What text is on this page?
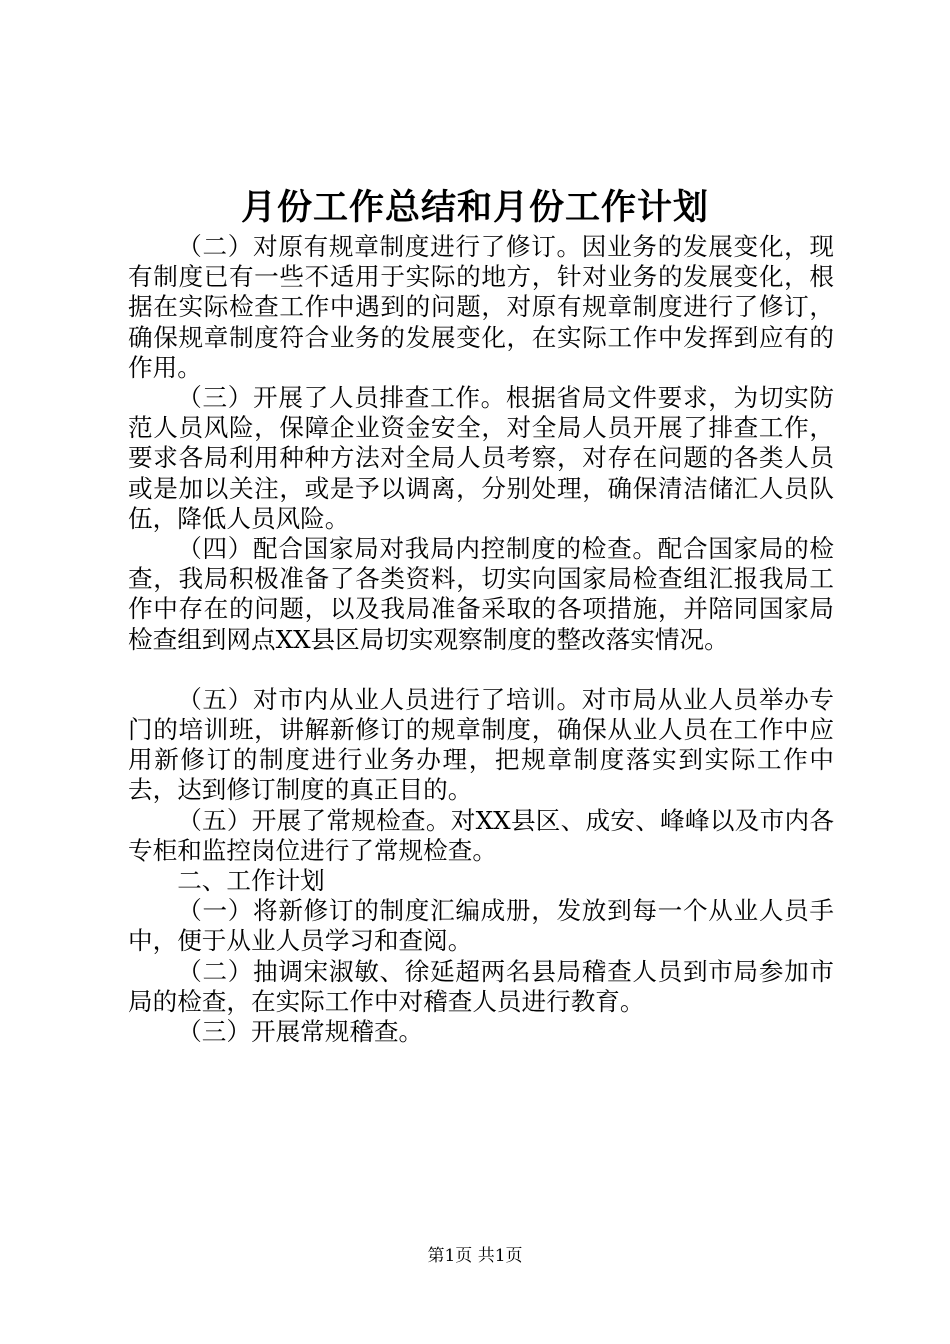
月份工作总结和月份工作计划

（二）对原有规章制度进行了修订。因业务的发展变化，现有制度已有一些不适用于实际的地方，针对业务的发展变化，根据在实际检查工作中遇到的问题，对原有规章制度进行了修订，确保规章制度符合业务的发展变化，在实际工作中发挥到应有的作用。

（三）开展了人员排查工作。根据省局文件要求，为切实防范人员风险，保障企业资金安全，对全局人员开展了排查工作，要求各局利用种种方法对全局人员考察，对存在问题的各类人员或是加以关注，或是予以调离，分别处理，确保清洁储汇人员队伍，降低人员风险。

（四）配合国家局对我局内控制度的检查。配合国家局的检查，我局积极准备了各类资料，切实向国家局检查组汇报我局工作中存在的问题，以及我局准备采取的各项措施，并陪同国家局检查组到网点XX县区局切实观察制度的整改落实情况。

（五）对市内从业人员进行了培训。对市局从业人员举办专门的培训班，讲解新修订的规章制度，确保从业人员在工作中应用新修订的制度进行业务办理，把规章制度落实到实际工作中去，达到修订制度的真正目的。

（五）开展了常规检查。对XX县区、成安、峰峰以及市内各专柜和监控岗位进行了常规检查。

二、工作计划

（一）将新修订的制度汇编成册，发放到每一个从业人员手中，便于从业人员学习和查阅。

（二）抽调宋淑敏、徐延超两名县局稽查人员到市局参加市局的检查，在实际工作中对稽查人员进行教育。

（三）开展常规稽查。

第1页 共1页
